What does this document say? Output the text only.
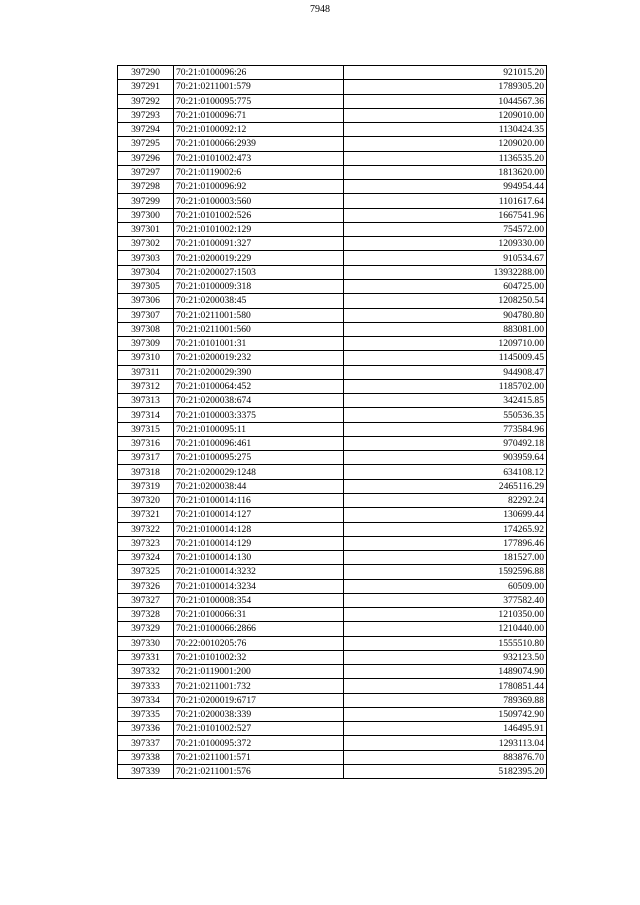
7948
397290	70:21:0100096:26	921015.20
397291	70:21:0211001:579	1789305.20
397292	70:21:0100095:775	1044567.36
397293	70:21:0100096:71	1209010.00
397294	70:21:0100092:12	1130424.35
397295	70:21:0100066:2939	1209020.00
397296	70:21:0101002:473	1136535.20
397297	70:21:0119002:6	1813620.00
397298	70:21:0100096:92	994954.44
397299	70:21:0100003:560	1101617.64
397300	70:21:0101002:526	1667541.96
397301	70:21:0101002:129	754572.00
397302	70:21:0100091:327	1209330.00
397303	70:21:0200019:229	910534.67
397304	70:21:0200027:1503	13932288.00
397305	70:21:0100009:318	604725.00
397306	70:21:0200038:45	1208250.54
397307	70:21:0211001:580	904780.80
397308	70:21:0211001:560	883081.00
397309	70:21:0101001:31	1209710.00
397310	70:21:0200019:232	1145009.45
397311	70:21:0200029:390	944908.47
397312	70:21:0100064:452	1185702.00
397313	70:21:0200038:674	342415.85
397314	70:21:0100003:3375	550536.35
397315	70:21:0100095:11	773584.96
397316	70:21:0100096:461	970492.18
397317	70:21:0100095:275	903959.64
397318	70:21:0200029:1248	634108.12
397319	70:21:0200038:44	2465116.29
397320	70:21:0100014:116	82292.24
397321	70:21:0100014:127	130699.44
397322	70:21:0100014:128	174265.92
397323	70:21:0100014:129	177896.46
397324	70:21:0100014:130	181527.00
397325	70:21:0100014:3232	1592596.88
397326	70:21:0100014:3234	60509.00
397327	70:21:0100008:354	377582.40
397328	70:21:0100066:31	1210350.00
397329	70:21:0100066:2866	1210440.00
397330	70:22:0010205:76	1555510.80
397331	70:21:0101002:32	932123.50
397332	70:21:0119001:200	1489074.90
397333	70:21:0211001:732	1780851.44
397334	70:21:0200019:6717	789369.88
397335	70:21:0200038:339	1509742.90
397336	70:21:0101002:527	146495.91
397337	70:21:0100095:372	1293113.04
397338	70:21:0211001:571	883876.70
397339	70:21:0211001:576	5182395.20
